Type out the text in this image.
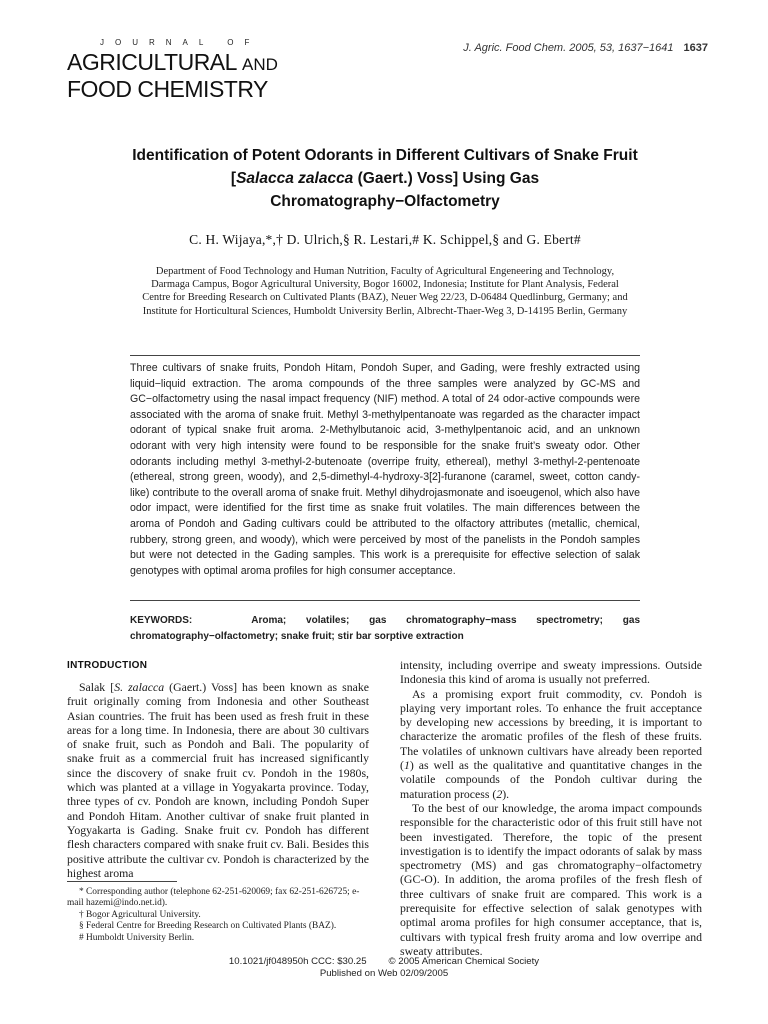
JOURNAL OF
AGRICULTURAL AND
FOOD CHEMISTRY
J. Agric. Food Chem. 2005, 53, 1637−1641 1637
Identification of Potent Odorants in Different Cultivars of Snake Fruit [Salacca zalacca (Gaert.) Voss] Using Gas Chromatography−Olfactometry
C. H. Wijaya,*,† D. Ulrich,§ R. Lestari,# K. Schippel,§ and G. Ebert#
Department of Food Technology and Human Nutrition, Faculty of Agricultural Engeneering and Technology, Darmaga Campus, Bogor Agricultural University, Bogor 16002, Indonesia; Institute for Plant Analysis, Federal Centre for Breeding Research on Cultivated Plants (BAZ), Neuer Weg 22/23, D-06484 Quedlinburg, Germany; and Institute for Horticultural Sciences, Humboldt University Berlin, Albrecht-Thaer-Weg 3, D-14195 Berlin, Germany
Three cultivars of snake fruits, Pondoh Hitam, Pondoh Super, and Gading, were freshly extracted using liquid−liquid extraction. The aroma compounds of the three samples were analyzed by GC-MS and GC−olfactometry using the nasal impact frequency (NIF) method. A total of 24 odor-active compounds were associated with the aroma of snake fruit. Methyl 3-methylpentanoate was regarded as the character impact odorant of typical snake fruit aroma. 2-Methylbutanoic acid, 3-methylpentanoic acid, and an unknown odorant with very high intensity were found to be responsible for the snake fruit’s sweaty odor. Other odorants including methyl 3-methyl-2-butenoate (overripe fruity, ethereal), methyl 3-methyl-2-pentenoate (ethereal, strong green, woody), and 2,5-dimethyl-4-hydroxy-3[2]-furanone (caramel, sweet, cotton candy-like) contribute to the overall aroma of snake fruit. Methyl dihydrojasmonate and isoeugenol, which also have odor impact, were identified for the first time as snake fruit volatiles. The main differences between the aroma of Pondoh and Gading cultivars could be attributed to the olfactory attributes (metallic, chemical, rubbery, strong green, and woody), which were perceived by most of the panelists in the Pondoh samples but were not detected in the Gading samples. This work is a prerequisite for effective selection of salak genotypes with optimal aroma profiles for high consumer acceptance.
KEYWORDS:	Aroma; volatiles; gas chromatography−mass spectrometry; gas chromatography−olfactometry; snake fruit; stir bar sorptive extraction
INTRODUCTION

Salak [S. zalacca (Gaert.) Voss] has been known as snake fruit originally coming from Indonesia and other Southeast Asian countries. The fruit has been used as fresh fruit in these areas for a long time. In Indonesia, there are about 30 cultivars of snake fruit, such as Pondoh and Bali. The popularity of snake fruit as a commercial fruit has increased significantly since the discovery of snake fruit cv. Pondoh in the 1980s, which was planted at a village in Yogyakarta province. Today, three types of cv. Pondoh are known, including Pondoh Super and Pondoh Hitam. Another cultivar of snake fruit planted in Yogyakarta is Gading. Snake fruit cv. Pondoh has different flesh characters compared with snake fruit cv. Bali. Besides this positive attribute the cultivar cv. Pondoh is characterized by the highest aroma

intensity, including overripe and sweaty impressions. Outside Indonesia this kind of aroma is usually not preferred.

As a promising export fruit commodity, cv. Pondoh is playing very important roles. To enhance the fruit acceptance by developing new accessions by breeding, it is important to characterize the aromatic profiles of the flesh of these fruits. The volatiles of unknown cultivars have already been reported (1) as well as the qualitative and quantitative changes in the volatile compounds of the Pondoh cultivar during the maturation process (2).

To the best of our knowledge, the aroma impact compounds responsible for the characteristic odor of this fruit still have not been investigated. Therefore, the topic of the present investigation is to identify the impact odorants of salak by mass spectrometry (MS) and gas chromatography−olfactometry (GC-O). In addition, the aroma profiles of the fresh flesh of three cultivars of snake fruit are compared. This work is a prerequisite for effective selection of salak genotypes with optimal aroma profiles for high consumer acceptance, that is, cultivars with typical fresh fruity aroma and low overripe and sweaty attributes.

* Corresponding author (telephone 62-251-620069; fax 62-251-626725; e-mail hazemi@indo.net.id).
† Bogor Agricultural University.
§ Federal Centre for Breeding Research on Cultivated Plants (BAZ).
# Humboldt University Berlin.
10.1021/jf048950h CCC: $30.25 © 2005 American Chemical Society
Published on Web 02/09/2005
